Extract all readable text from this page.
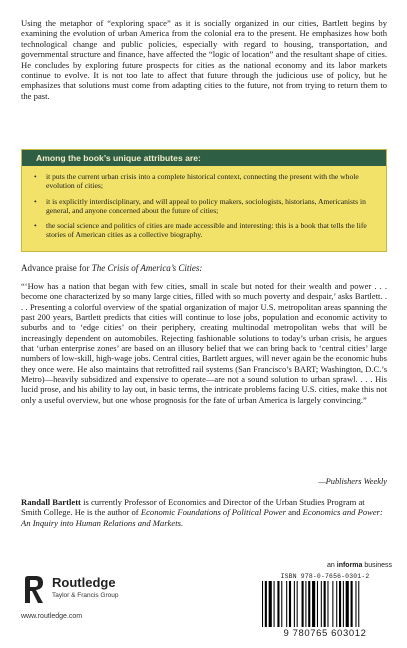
Using the metaphor of “exploring space” as it is socially organized in our cities, Bartlett begins by examining the evolution of urban America from the colonial era to the present. He emphasizes how both technological change and public policies, especially with regard to housing, transportation, and governmental structure and finance, have affected the “logic of location” and the resultant shape of cities. He concludes by exploring future prospects for cities as the national economy and its labor markets continue to evolve. It is not too late to affect that future through the judicious use of policy, but he emphasizes that solutions must come from adapting cities to the future, not from trying to return them to the past.

Among the book’s unique attributes are:
• it puts the current urban crisis into a complete historical context, connecting the present with the whole evolution of cities;
• it is explicitly interdisciplinary, and will appeal to policy makers, sociologists, historians, Americanists in general, and anyone concerned about the future of cities;
• the social science and politics of cities are made accessible and interesting: this is a book that tells the life stories of American cities as a collective biography.

Advance praise for The Crisis of America’s Cities:

“‘How has a nation that began with few cities, small in scale but noted for their wealth and power . . . become one characterized by so many large cities, filled with so much poverty and despair,’ asks Bartlett. . . . Presenting a colorful overview of the spatial organization of major U.S. metropolitan areas spanning the past 200 years, Bartlett predicts that cities will continue to lose jobs, population and economic activity to suburbs and to ‘edge cities’ on their periphery, creating multinodal metropolitan webs that will be increasingly dependent on automobiles. Rejecting fashionable solutions to today’s urban crisis, he argues that ‘urban enterprise zones’ are based on an illusory belief that we can bring back to ‘central cities’ large numbers of low-skill, high-wage jobs. Central cities, Bartlett argues, will never again be the economic hubs they once were. He also maintains that retrofitted rail systems (San Francisco’s BART; Washington, D.C.’s Metro)—heavily subsidized and expensive to operate—are not a sound solution to urban sprawl. . . . His lucid prose, and his ability to lay out, in basic terms, the intricate problems facing U.S. cities, make this not only a useful overview, but one whose prognosis for the fate of urban America is largely convincing.”

—Publishers Weekly

Randall Bartlett is currently Professor of Economics and Director of the Urban Studies Program at Smith College. He is the author of Economic Foundations of Political Power and Economics and Power: An Inquiry into Human Relations and Markets.

Routledge
Taylor & Francis Group
www.routledge.com
an informa business
ISBN 978-0-7656-0301-2
9 780765 603012
